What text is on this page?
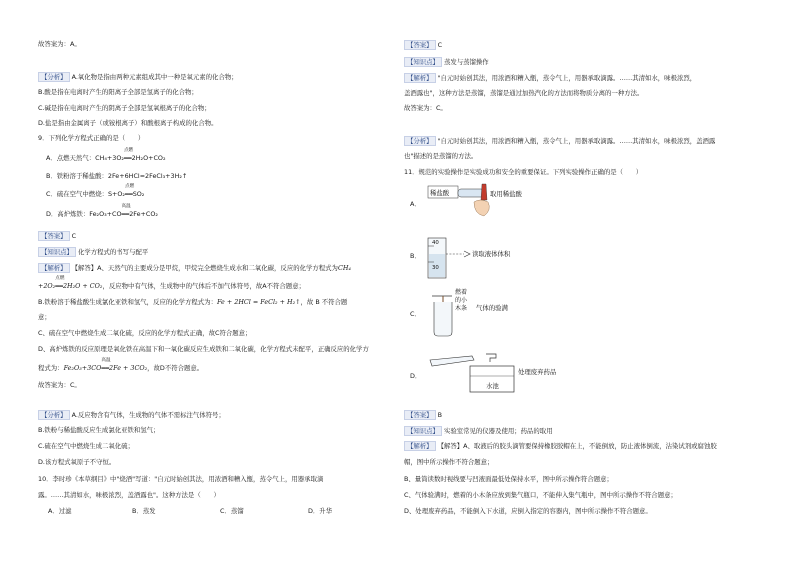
故答案为：A。
【分析】 A.氧化物是指由两种元素组成其中一种是氧元素的化合物；
B.酸是指在电离时产生的阳离子全部是氢离子的化合物；
C.碱是指在电离时产生的阴离子全部是氢氧根离子的化合物；
D.盐是指由金属离子（或铵根离子）和酸根离子构成的化合物。
9．下列化学方程式正确的是（　　）
A．点燃天然气：CH₄+3O₂
点燃
══2H₂O+CO₂
B．铁粉溶于稀盐酸：2Fe+6HCl=2FeCl₃+3H₂↑
C．硫在空气中燃烧：S+O₂
点燃
══SO₂
D．高炉炼铁：Fe₂O₃+CO
高温
══2Fe+CO₂
【答案】 C
【知识点】 化学方程式的书写与配平
【解析】 【解答】A、天然气的主要成分是甲烷，甲烷完全燃烧生成水和二氧化碳，反应的化学方程式为CH₄
+2O₂
点燃
══2H₂O + CO₂，反应物中有气体，生成物中的气体后不加气体符号，故A不符合题意；
B.铁粉溶于稀盐酸生成氯化亚铁和氢气，反应的化学方程式为：Fe + 2HCl = FeCl₂ + H₂↑，故 B 不符合题
意；
C、硫在空气中燃烧生成二氧化硫，反应的化学方程式正确，故C符合题意；
D、高炉炼铁的反应原理是氧化铁在高温下和一氧化碳反应生成铁和二氧化碳，化学方程式未配平，正确反应的化学方
程式为：Fe₂O₃+3CO
高温
══2Fe + 3CO₂，故D不符合题意。
故答案为：C。
【分析】 A.反应物含有气体，生成物的气体不需标注气体符号；
B.铁粉与稀盐酸反应生成氯化亚铁和氢气；
C.硫在空气中燃烧生成二氧化硫；
D.该方程式氧原子不守恒。
10．李时珍《本草纲目》中"烧酒"写道："自元时始创其法，用浓酒和糟入甑，蒸令气上，用器承取滴
露。……其清如水，味极浓烈，盖酒露也"。这种方法是（　　）
A．过滤	B．蒸发	C．蒸馏	D．升华
【答案】 C
【知识点】 蒸发与蒸馏操作
【解析】 "自元时始创其法，用浓酒和糟入甑，蒸令气上，用器承取滴露。……其清如水，味极浓烈，
盖酒露也"，这种方法是蒸馏，蒸馏是通过加热汽化的方法而将物质分离的一种方法。
故答案为：C。
【分析】 "自元时始创其法，用浓酒和糟入甑，蒸令气上，用器承取滴露。……其清如水，味极浓烈，盖酒露
也"描述的是蒸馏的方法。
11．规范的实验操作是实验成功和安全的重要保证。下列实验操作正确的是（　　）
A．
稀盐酸	取用稀盐酸
B．
40
30
读取液体体积
C．
燃着
的小
木条 气体的验满
D．
水池
处理废弃药品
【答案】 B
【知识点】 实验室常见的仪器及使用；药品的取用
【解析】 【解答】A、取液后的胶头滴管要保持橡胶胶帽在上，不能倒放，防止液体倒流，沾染试剂或腐蚀胶
帽，图中所示操作不符合题意；
B、量筒读数时视线要与凹液面最低处保持水平，图中所示操作符合题意；
C、气体验满时，燃着的小木条应放到集气瓶口，不能伸入集气瓶中，图中所示操作不符合题意；
D、处理废弃药品，不能倒入下水道，应倒入指定的容器内，图中所示操作不符合题意。
